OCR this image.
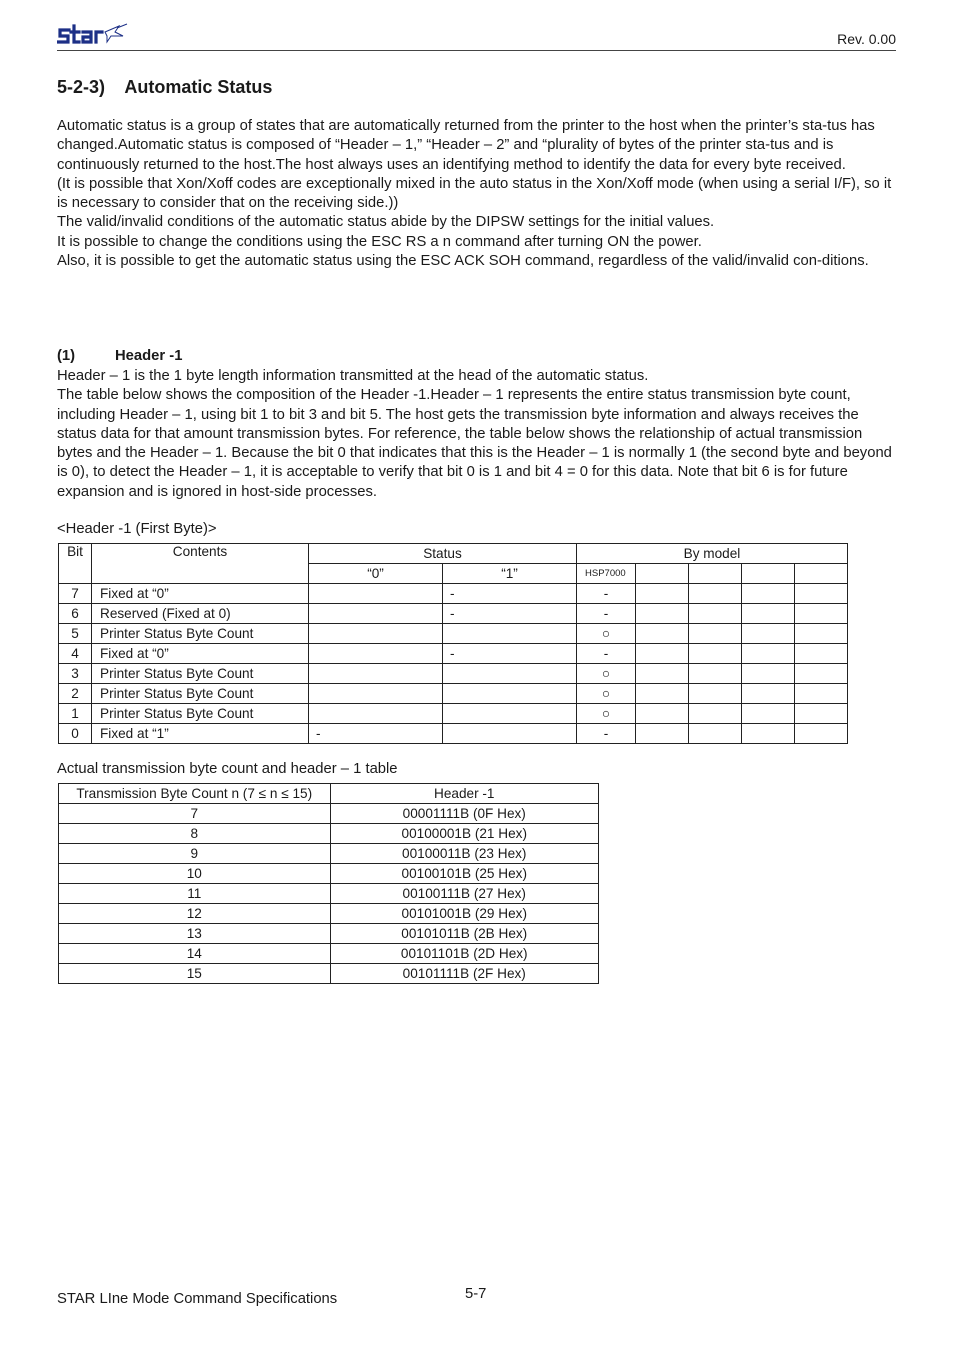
Rev. 0.00
5-2-3)    Automatic Status

Automatic status is a group of states that are automatically returned from the printer to the host when the printer’s sta-tus has changed.Automatic status is composed of “Header – 1,” “Header – 2” and “plurality of bytes of the printer sta-tus and is continuously returned to the host.The host always uses an identifying method to identify the data for every byte received.

(It is possible that Xon/Xoff codes are exceptionally mixed in the auto status in the Xon/Xoff mode (when using a serial I/F), so it is necessary to consider that on the receiving side.))

The valid/invalid conditions of the automatic status abide by the DIPSW settings for the initial values.

It is possible to change the conditions using the ESC RS a n command after turning ON the power.

Also, it is possible to get the automatic status using the ESC ACK SOH command, regardless of the valid/invalid con-ditions.

(1)	Header -1

Header – 1 is the 1 byte length information transmitted at the head of the automatic status.

The table below shows the composition of the Header -1.Header – 1 represents the entire status transmission byte count, including Header – 1, using bit 1 to bit 3 and bit 5. The host gets the transmission byte information and always receives the status data for that amount transmission bytes. For reference, the table below shows the relationship of actual transmission bytes and the Header – 1. Because the bit 0 that indicates that this is the Header – 1 is normally 1 (the second byte and beyond is 0), to detect the Header – 1, it is acceptable to verify that bit 0 is 1 and bit 4 = 0 for this data. Note that bit 6 is for future expansion and is ignored in host-side processes.

<Header -1 (First Byte)>
Bit	Contents	Status		By model				
		“0”	“1”	HSP7000				
7	Fixed at “0”		-	-				
6	Reserved (Fixed at 0)		-	-				
5	Printer Status Byte Count			○				
4	Fixed at “0”		-	-				
3	Printer Status Byte Count			○				
2	Printer Status Byte Count			○				
1	Printer Status Byte Count			○				
0	Fixed at “1”	-		-				
Actual transmission byte count and header – 1 table
Transmission Byte Count n (7 ≤ n ≤ 15)	Header -1
7	00001111B (0F Hex)
8	00100001B (21 Hex)
9	00100011B (23 Hex)
10	00100101B (25 Hex)
11	00100111B (27 Hex)
12	00101001B (29 Hex)
13	00101011B (2B Hex)
14	00101101B (2D Hex)
15	00101111B (2F Hex)
STAR LIne Mode Command Specifications	5-7
